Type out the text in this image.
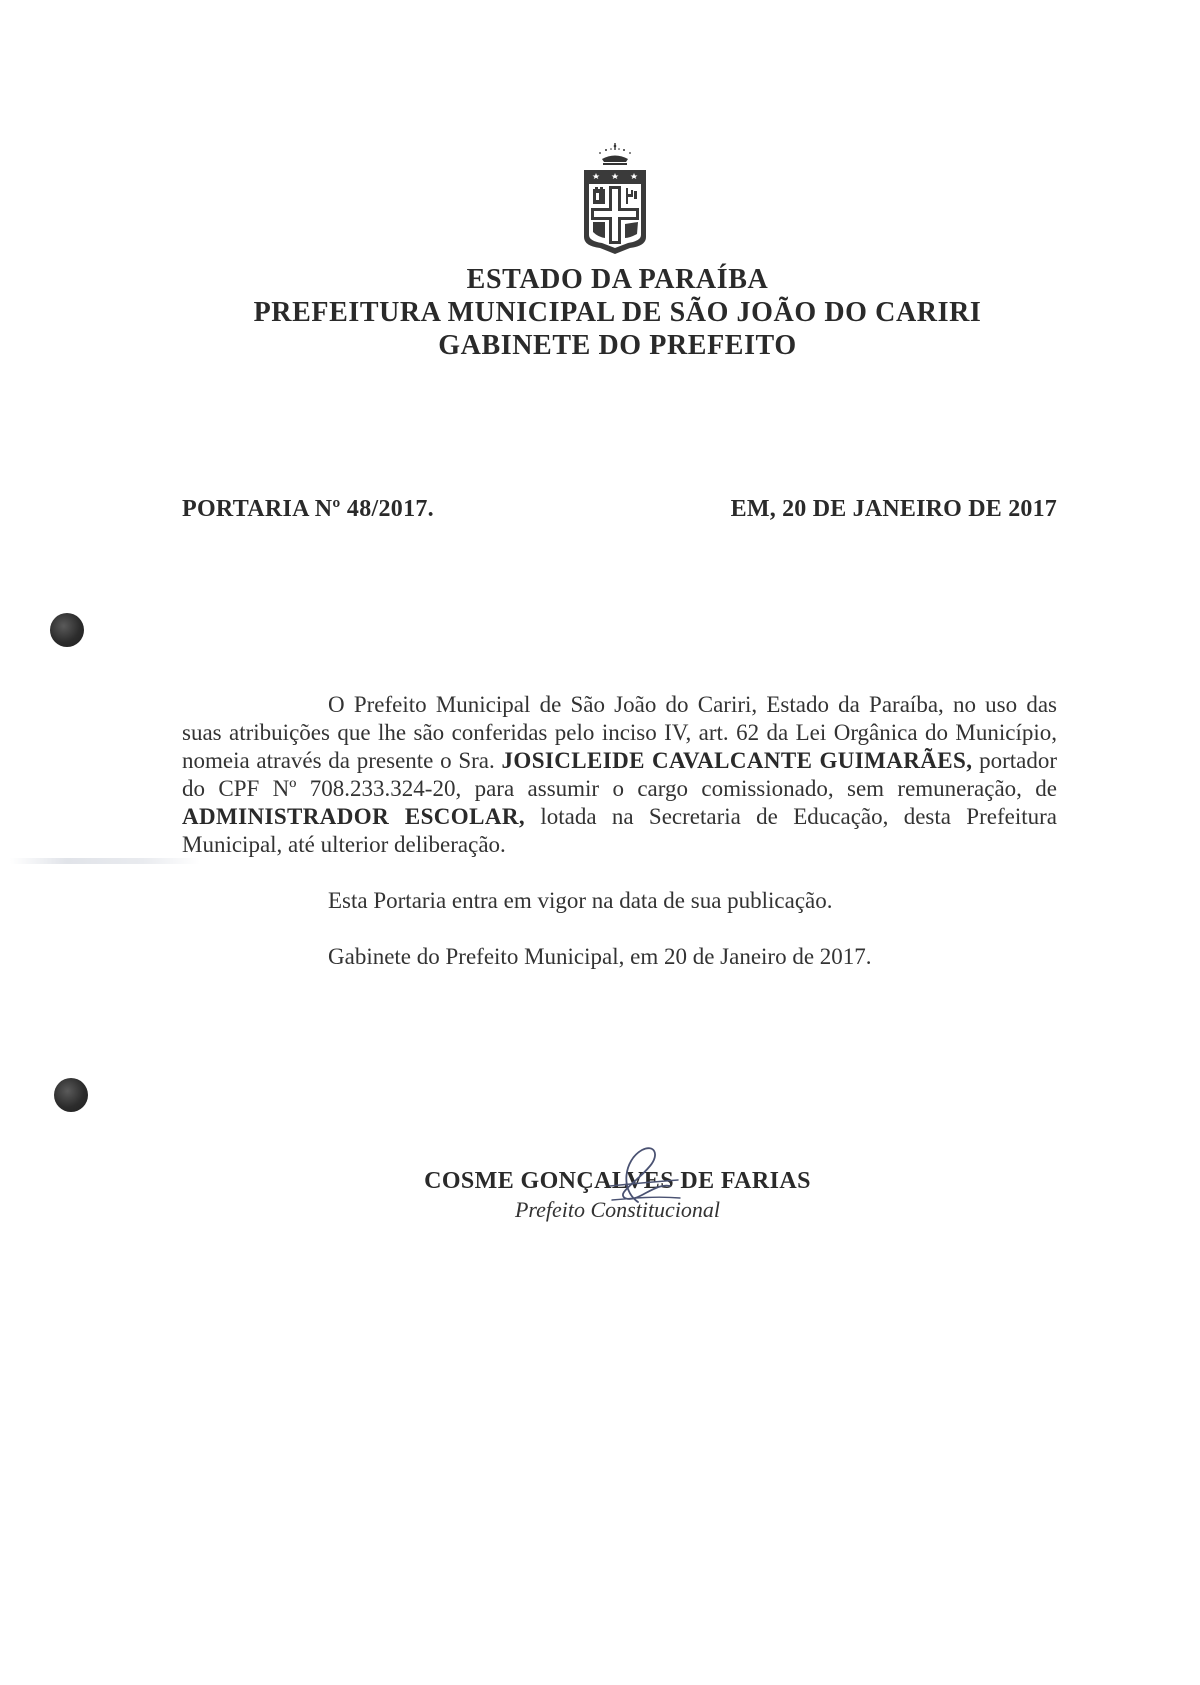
ESTADO DA PARAÍBA
PREFEITURA MUNICIPAL DE SÃO JOÃO DO CARIRI
GABINETE DO PREFEITO
PORTARIA Nº 48/2017.	EM, 20 DE JANEIRO DE 2017

O Prefeito Municipal de São João do Cariri, Estado da Paraíba, no uso das suas atribuições que lhe são conferidas pelo inciso IV, art. 62 da Lei Orgânica do Município, nomeia através da presente o Sra. JOSICLEIDE CAVALCANTE GUIMARÃES, portador do CPF Nº 708.233.324-20, para assumir o cargo comissionado, sem remuneração, de ADMINISTRADOR ESCOLAR, lotada na Secretaria de Educação, desta Prefeitura Municipal, até ulterior deliberação.

Esta Portaria entra em vigor na data de sua publicação.
Gabinete do Prefeito Municipal, em 20 de Janeiro de 2017.
COSME GONÇALVES DE FARIAS
Prefeito Constitucional
